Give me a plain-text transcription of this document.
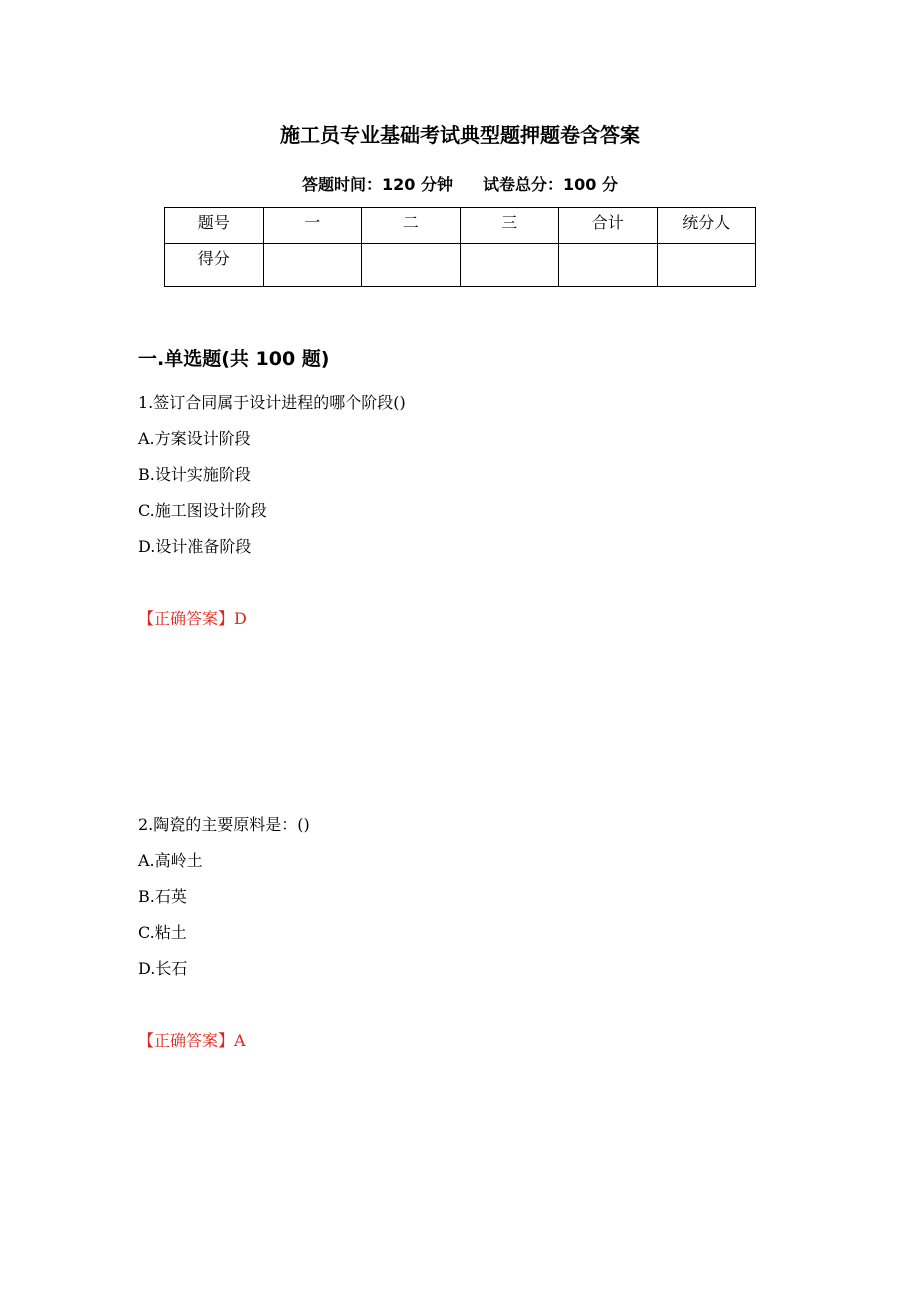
施工员专业基础考试典型题押题卷含答案
答题时间：120 分钟 试卷总分：100 分
题号	一	二	三	合计	统分人
得分					
一.单选题(共 100 题)
1.签订合同属于设计进程的哪个阶段()
A.方案设计阶段
B.设计实施阶段
C.施工图设计阶段
D.设计准备阶段
【正确答案】D
2.陶瓷的主要原料是：()
A.高岭土
B.石英
C.粘土
D.长石
【正确答案】A
